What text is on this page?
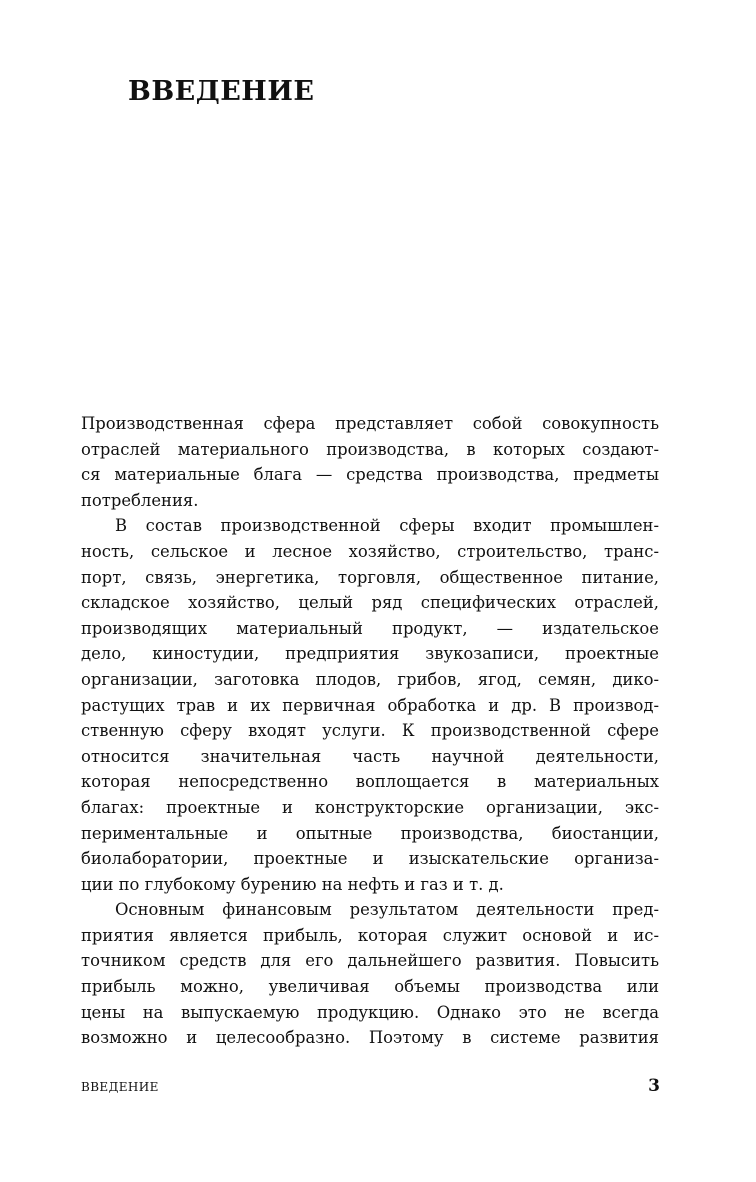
ВВЕДЕНИЕ
Производственная сфера представляет собой совокупность
отраслей материального производства, в которых создают-
ся материальные блага — средства производства, предметы
потребления.
В состав производственной сферы входит промышлен-
ность, сельское и лесное хозяйство, строительство, транс-
порт, связь, энергетика, торговля, общественное питание,
складское хозяйство, целый ряд специфических отраслей,
производящих материальный продукт, — издательское
дело, киностудии, предприятия звукозаписи, проектные
организации, заготовка плодов, грибов, ягод, семян, дико-
растущих трав и их первичная обработка и др. В производ-
ственную сферу входят услуги. К производственной сфере
относится значительная часть научной деятельности,
которая непосредственно воплощается в материальных
благах: проектные и конструкторские организации, экс-
периментальные и опытные производства, биостанции,
биолаборатории, проектные и изыскательские организа-
ции по глубокому бурению на нефть и газ и т. д.
Основным финансовым результатом деятельности пред-
приятия является прибыль, которая служит основой и ис-
точником средств для его дальнейшего развития. Повысить
прибыль можно, увеличивая объемы производства или
цены на выпускаемую продукцию. Однако это не всегда
возможно и целесообразно. Поэтому в системе развития
ВВЕДЕНИЕ	3
